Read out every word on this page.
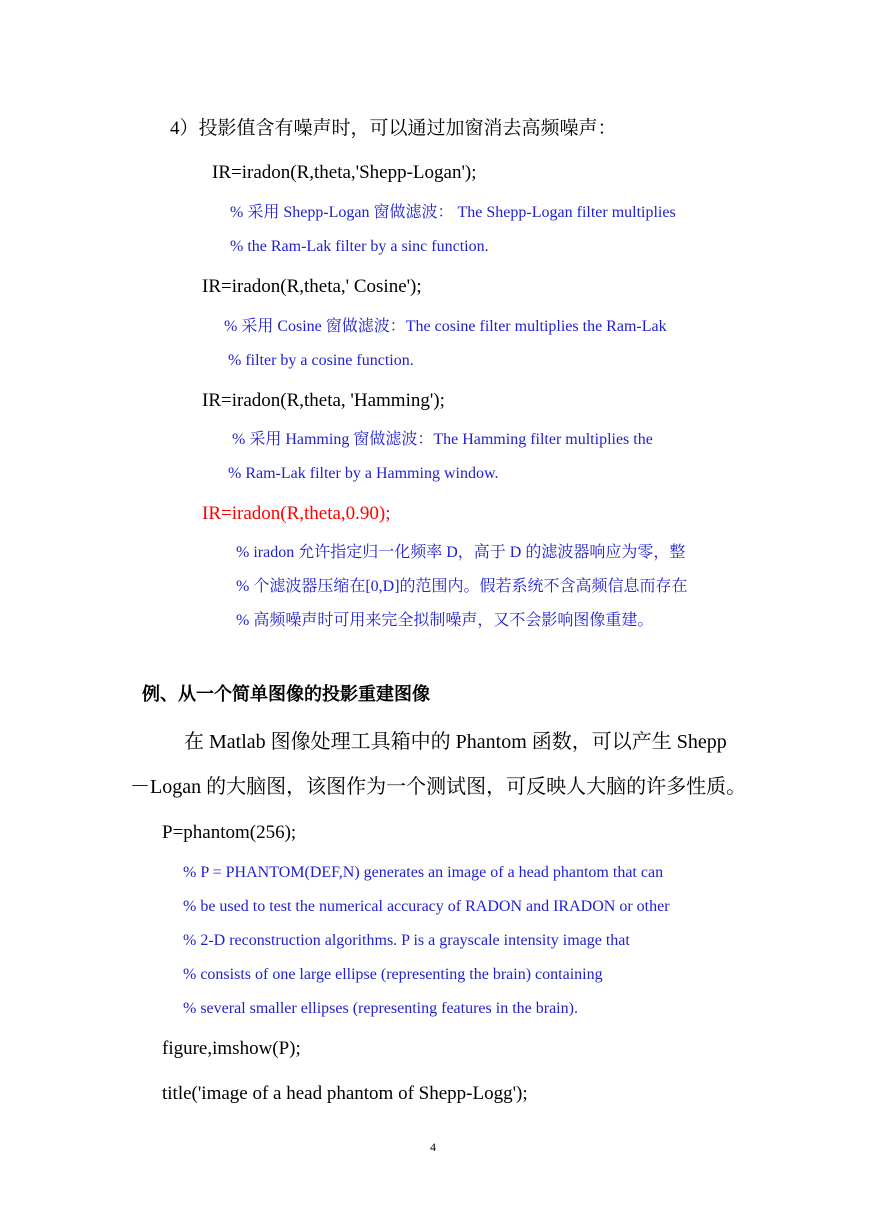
4）投影值含有噪声时，可以通过加窗消去高频噪声：
IR=iradon(R,theta,'Shepp-Logan');
% 采用 Shepp-Logan 窗做滤波： The Shepp-Logan filter multiplies
% the Ram-Lak filter by a sinc function.
IR=iradon(R,theta,' Cosine');
% 采用 Cosine 窗做滤波：The cosine filter multiplies the Ram-Lak
% filter by a cosine function.
IR=iradon(R,theta, 'Hamming');
% 采用 Hamming 窗做滤波：The Hamming filter multiplies the
% Ram-Lak filter by a Hamming window.
IR=iradon(R,theta,0.90);
% iradon 允许指定归一化频率 D，高于 D 的滤波器响应为零，整
% 个滤波器压缩在[0,D]的范围内。假若系统不含高频信息而存在
% 高频噪声时可用来完全拟制噪声，又不会影响图像重建。
例、从一个简单图像的投影重建图像
在 Matlab 图像处理工具箱中的 Phantom 函数，可以产生 Shepp
－Logan 的大脑图，该图作为一个测试图，可反映人大脑的许多性质。
P=phantom(256);
% P = PHANTOM(DEF,N) generates an image of a head phantom that can
% be used to test the numerical accuracy of RADON and IRADON or other
% 2-D reconstruction algorithms. P is a grayscale intensity image that
% consists of one large ellipse (representing the brain) containing
% several smaller ellipses (representing features in the brain).
figure,imshow(P);
title('image of a head phantom of Shepp-Logg');
4
